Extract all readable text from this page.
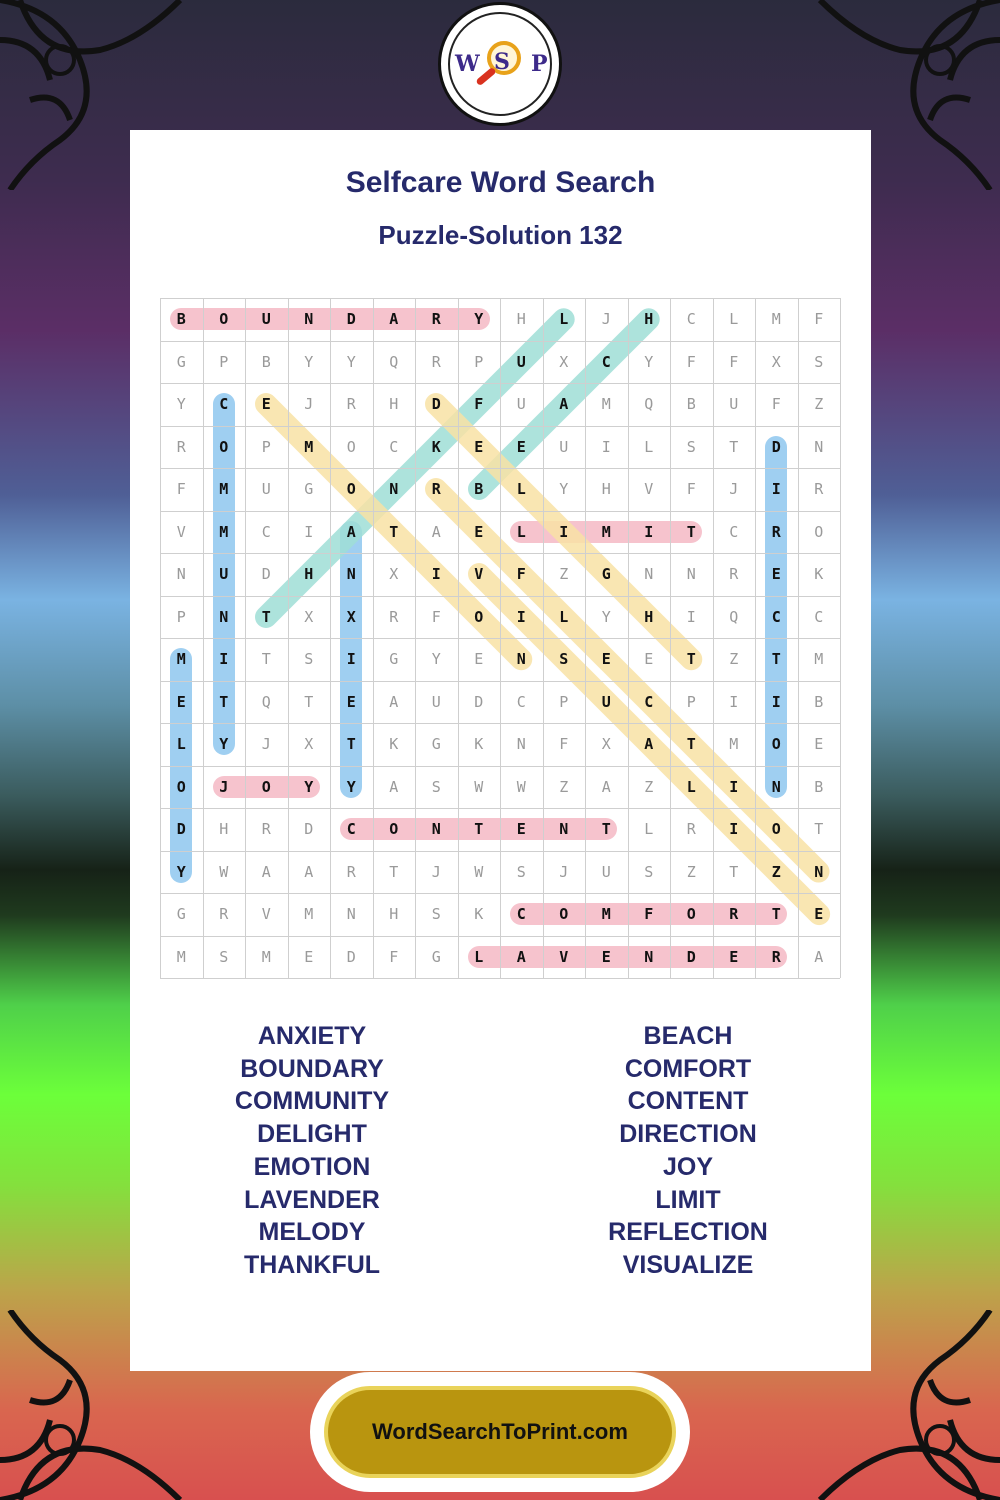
W S P
Selfcare Word Search
Puzzle-Solution 132
B	O	U	N	D	A	R	Y	H	L	J	H	C	L	M	F
G	P	B	Y	Y	Q	R	P	U	X	C	Y	F	F	X	S
Y	C	E	J	R	H	D	F	U	A	M	Q	B	U	F	Z
R	O	P	M	O	C	K	E	E	U	I	L	S	T	D	N
F	M	U	G	O	N	R	B	L	Y	H	V	F	J	I	R
V	M	C	I	A	T	A	E	L	I	M	I	T	C	R	O
N	U	D	H	N	X	I	V	F	Z	G	N	N	R	E	K
P	N	T	X	X	R	F	O	I	L	Y	H	I	Q	C	C
M	I	T	S	I	G	Y	E	N	S	E	E	T	Z	T	M
E	T	Q	T	E	A	U	D	C	P	U	C	P	I	I	B
L	Y	J	X	T	K	G	K	N	F	X	A	T	M	O	E
O	J	O	Y	Y	A	S	W	W	Z	A	Z	L	I	N	B
D	H	R	D	C	O	N	T	E	N	T	L	R	I	O	T
Y	W	A	A	R	T	J	W	S	J	U	S	Z	T	Z	N
G	R	V	M	N	H	S	K	C	O	M	F	O	R	T	E
M	S	M	E	D	F	G	L	A	V	E	N	D	E	R	A
ANXIETY
BOUNDARY
COMMUNITY
DELIGHT
EMOTION
LAVENDER
MELODY
THANKFUL
BEACH
COMFORT
CONTENT
DIRECTION
JOY
LIMIT
REFLECTION
VISUALIZE
WordSearchToPrint.com
